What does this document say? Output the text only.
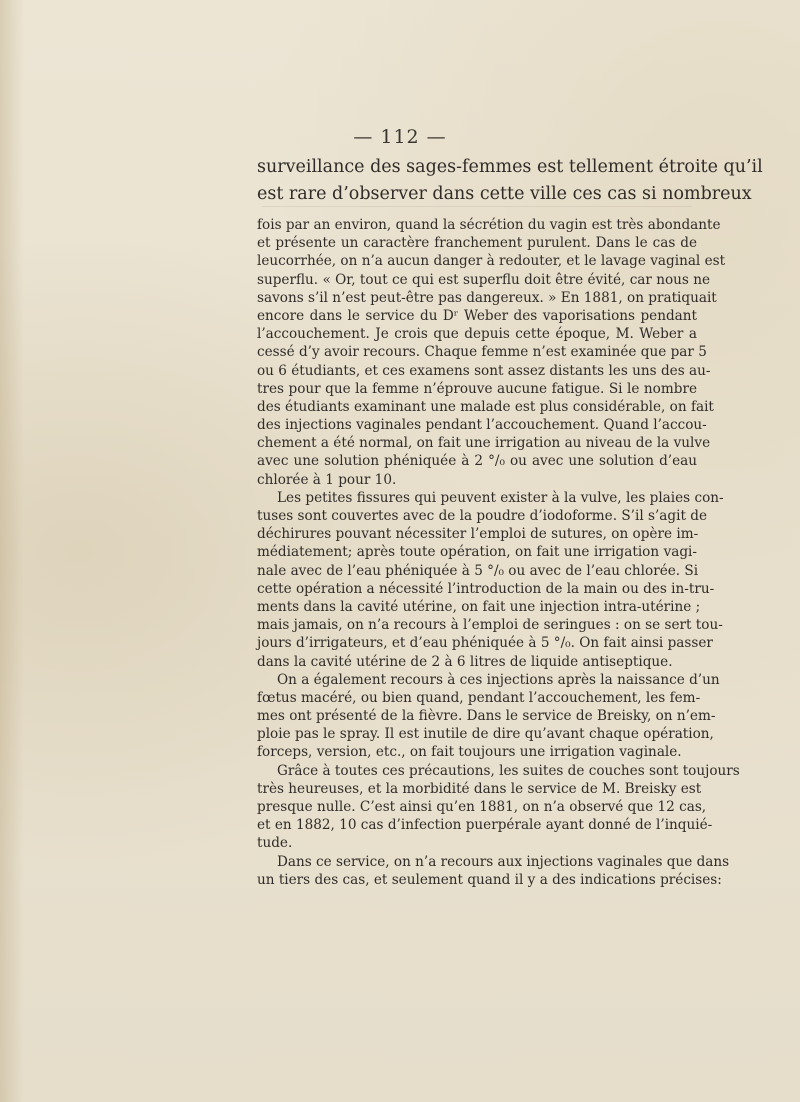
— 112 —
surveillance des sages-femmes est tellement étroite qu’il
est rare d’observer dans cette ville ces cas si nombreux
fois par an environ, quand la sécrétion du vagin est très abondante
et présente un caractère franchement purulent. Dans le cas de
leucorrhée, on n’a aucun danger à redouter, et le lavage vaginal est
superflu. « Or, tout ce qui est superflu doit être évité, car nous ne
savons s’il n’est peut-être pas dangereux. » En 1881, on pratiquait
encore dans le service du Dʳ Weber des vaporisations pendant
l’accouchement. Je crois que depuis cette époque, M. Weber a
cessé d’y avoir recours. Chaque femme n’est examinée que par 5
ou 6 étudiants, et ces examens sont assez distants les uns des au-
tres pour que la femme n’éprouve aucune fatigue. Si le nombre
des étudiants examinant une malade est plus considérable, on fait
des injections vaginales pendant l’accouchement. Quand l’accou-
chement a été normal, on fait une irrigation au niveau de la vulve
avec une solution phéniquée à 2 °/₀ ou avec une solution d’eau
chlorée à 1 pour 10.
Les petites fissures qui peuvent exister à la vulve, les plaies con-
tuses sont couvertes avec de la poudre d’iodoforme. S’il s’agit de
déchirures pouvant nécessiter l’emploi de sutures, on opère im-
médiatement; après toute opération, on fait une irrigation vagi-
nale avec de l’eau phéniquée à 5 °/₀ ou avec de l’eau chlorée. Si
cette opération a nécessité l’introduction de la main ou des in-tru-
ments dans la cavité utérine, on fait une injection intra-utérine ;
mais jamais, on n’a recours à l’emploi de seringues : on se sert tou-
jours d’irrigateurs, et d’eau phéniquée à 5 °/₀. On fait ainsi passer
dans la cavité utérine de 2 à 6 litres de liquide antiseptique.
On a également recours à ces injections après la naissance d’un
fœtus macéré, ou bien quand, pendant l’accouchement, les fem-
mes ont présenté de la fièvre. Dans le service de Breisky, on n’em-
ploie pas le spray. Il est inutile de dire qu’avant chaque opération,
forceps, version, etc., on fait toujours une irrigation vaginale.
Grâce à toutes ces précautions, les suites de couches sont toujours
très heureuses, et la morbidité dans le service de M. Breisky est
presque nulle. C’est ainsi qu’en 1881, on n’a observé que 12 cas,
et en 1882, 10 cas d’infection puerpérale ayant donné de l’inquié-
tude.
Dans ce service, on n’a recours aux injections vaginales que dans
un tiers des cas, et seulement quand il y a des indications précises:
